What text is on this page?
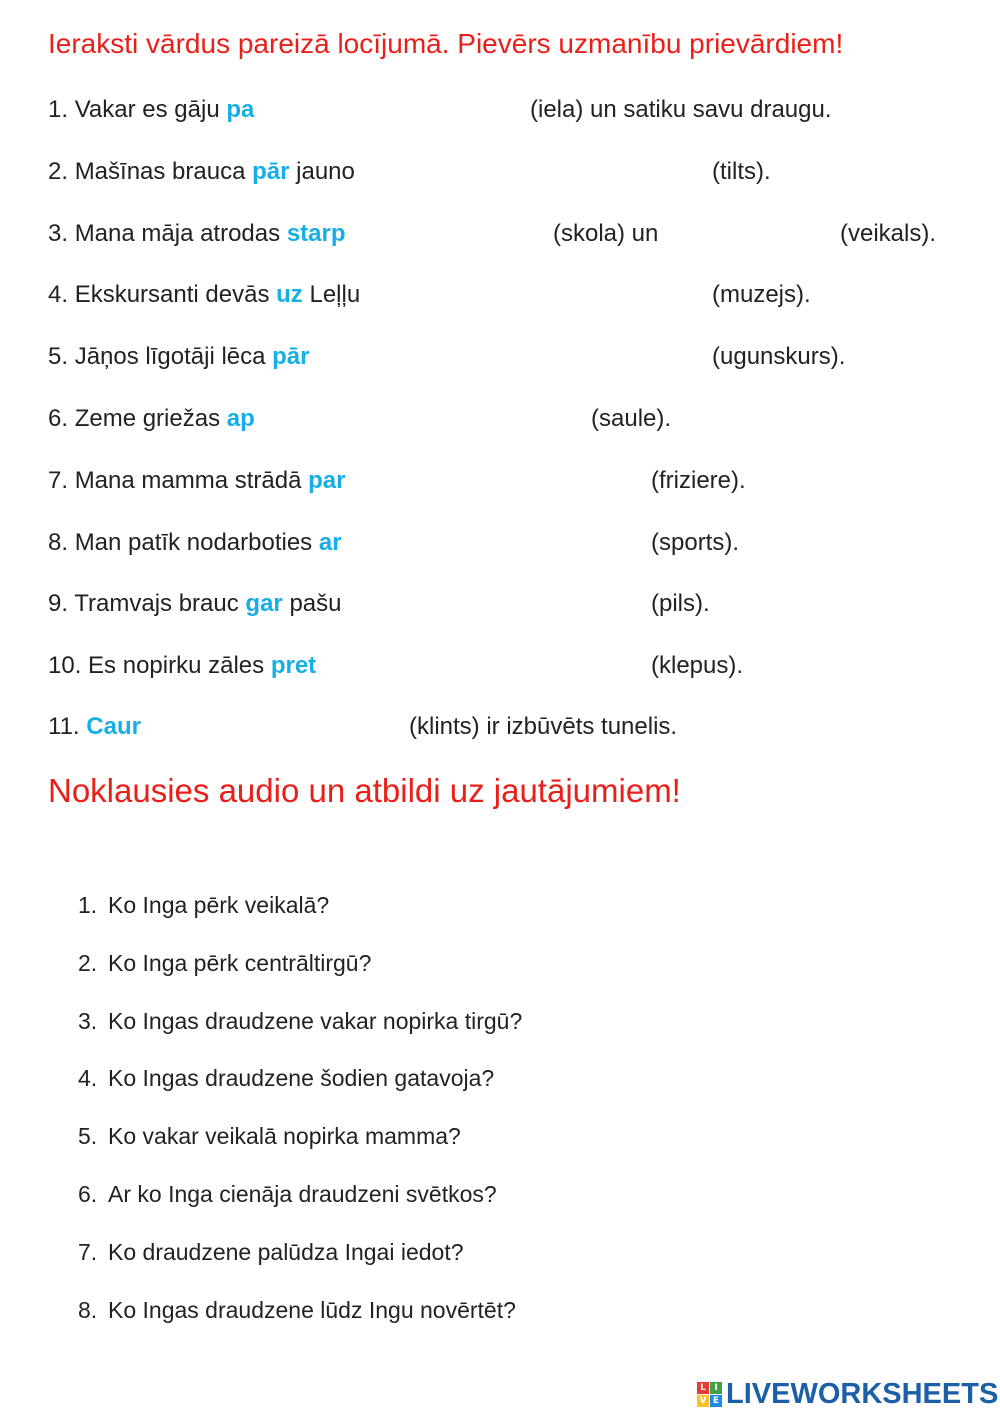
Ieraksti vārdus pareizā locījumā. Pievērs uzmanību prievārdiem!
1. Vakar es gāju pa	(iela) un satiku savu draugu.
2. Mašīnas brauca pār jauno	(tilts).
3. Mana māja atrodas starp	(skola) un	(veikals).
4. Ekskursanti devās uz Leļļu	(muzejs).
5. Jāņos līgotāji lēca pār	(ugunskurs).
6. Zeme griežas ap	(saule).
7. Mana mamma strādā par	(friziere).
8. Man patīk nodarboties ar	(sports).
9. Tramvajs brauc gar pašu	(pils).
10. Es nopirku zāles pret	(klepus).
11. Caur	(klints) ir izbūvēts tunelis.
Noklausies audio un atbildi uz jautājumiem!
1. Ko Inga pērk veikalā?
2. Ko Inga pērk centrāltirgū?
3. Ko Ingas draudzene vakar nopirka tirgū?
4. Ko Ingas draudzene šodien gatavoja?
5. Ko vakar veikalā nopirka mamma?
6. Ar ko Inga cienāja draudzeni svētkos?
7. Ko draudzene palūdza Ingai iedot?
8. Ko Ingas draudzene lūdz Ingu novērtēt?
L I
V E LIVEWORKSHEETS
